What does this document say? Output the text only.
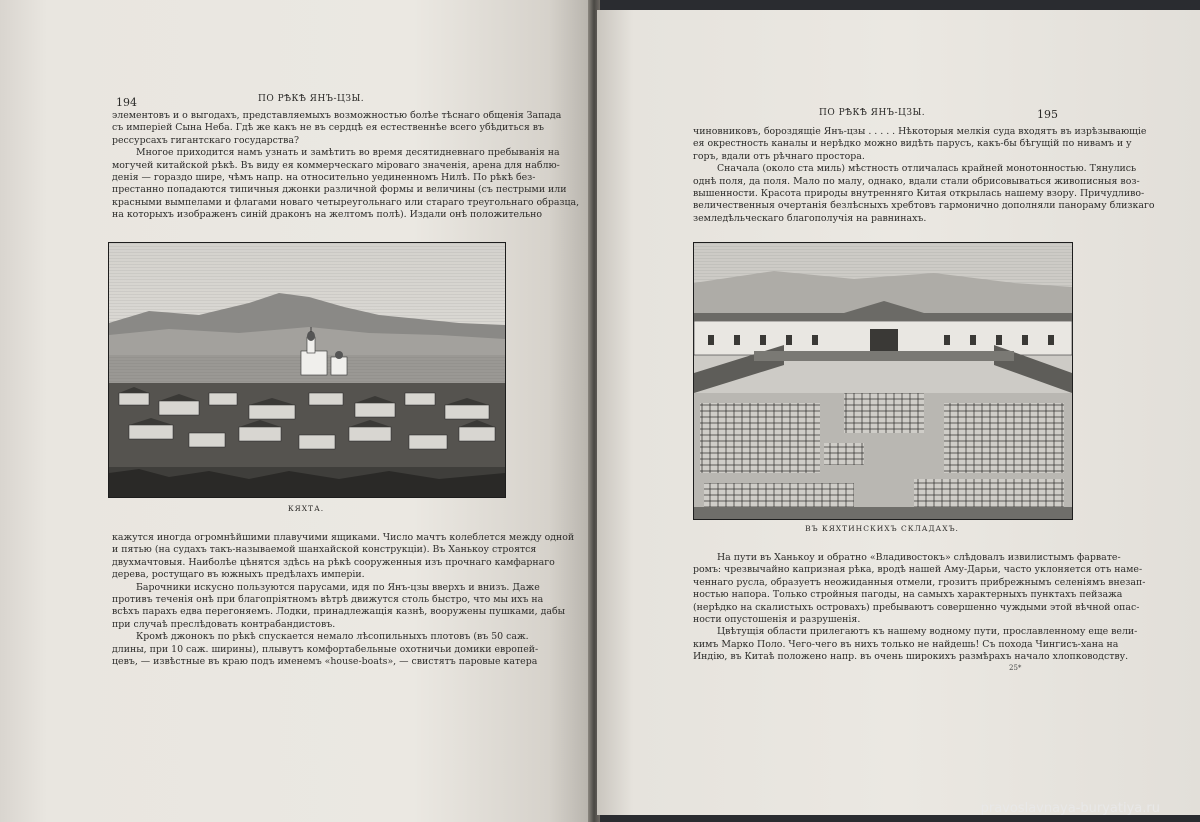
194	ПО РѢКѢ ЯНЪ-ЦЗЫ.

элементовъ и о выгодахъ, представляемыхъ возможностью болѣе тѣснаго общенія Запада

съ имперіей Сына Неба. Гдѣ же какъ не въ сердцѣ ея естественнѣе всего убѣдиться въ

рессурсахъ гигантскаго государства?

Многое приходится намъ узнать и замѣтить во время десятидневнаго пребыванія на

могучей китайской рѣкѣ. Въ виду ея коммерческаго міроваго значенія, арена для наблю-

денія — гораздо шире, чѣмъ напр. на относительно уединенномъ Нилѣ. По рѣкѣ без-

престанно попадаются типичныя джонки различной формы и величины (съ пестрыми или

красными вымпелами и флагами новаго четыреугольнаго или стараго треугольнаго образца,

на которыхъ изображенъ синій драконъ на желтомъ полѣ). Издали онѣ положительно

КЯХТА.

кажутся иногда огромнѣйшими плавучими ящиками. Число мачтъ колеблется между одной

и пятью (на судахъ такъ-называемой шанхайской конструкціи). Въ Ханькоу строятся

двухмачтовыя. Наиболѣе цѣнятся здѣсь на рѣкѣ сооруженныя изъ прочнаго камфарнаго

дерева, ростущаго въ южныхъ предѣлахъ имперіи.

Барочники искусно пользуются парусами, идя по Янъ-цзы вверхъ и внизъ. Даже

противъ теченія онѣ при благопріятномъ вѣтрѣ движутся столь быстро, что мы ихъ на

всѣхъ парахъ едва перегоняемъ. Лодки, принадлежащія казнѣ, вооружены пушками, дабы

при случаѣ преслѣдовать контрабандистовъ.

Кромѣ джонокъ по рѣкѣ спускается немало лѣсопильныхъ плотовъ (въ 50 саж.

длины, при 10 саж. ширины), плывутъ комфортабельные охотничьи домики европей-

цевъ, — извѣстные въ краю подъ именемъ «house-boats», — свистятъ паровые катера

ПО РѢКѢ ЯНЪ-ЦЗЫ.	195

чиновниковъ, бороздящіе Янъ-цзы . . . . . Нѣкоторыя мелкія суда входятъ въ изрѣзывающіе

ея окрестность каналы и нерѣдко можно видѣть парусъ, какъ-бы бѣгущій по нивамъ и у

горъ, вдали отъ рѣчнаго простора.

Сначала (около ста миль) мѣстность отличалась крайней монотонностью. Тянулись

однѣ поля, да поля. Мало по малу, однако, вдали стали обрисовываться живописныя воз-

вышенности. Красота природы внутренняго Китая открылась нашему взору. Причудливо-

величественныя очертанія безлѣсныхъ хребтовъ гармонично дополняли панораму близкаго

земледѣльческаго благополучія на равнинахъ.

ВЪ КЯХТИНСКИХЪ СКЛАДАХЪ.

На пути въ Ханькоу и обратно «Владивостокъ» слѣдовалъ извилистымъ фарвате-

ромъ: чрезвычайно капризная рѣка, вродѣ нашей Аму-Дарьи, часто уклоняется отъ наме-

ченнаго русла, образуетъ неожиданныя отмели, грозитъ прибрежнымъ селеніямъ внезап-

ностью напора. Только стройныя пагоды, на самыхъ характерныхъ пунктахъ пейзажа

(нерѣдко на скалистыхъ островахъ) пребываютъ совершенно чуждыми этой вѣчной опас-

ности опустошенія и разрушенія.

Цвѣтущія области прилегаютъ къ нашему водному пути, прославленному еще вели-

кимъ Марко Поло. Чего-чего въ нихъ только не найдешь! Съ похода Чингисъ-хана на

Индію, въ Китаѣ положено напр. въ очень широкихъ размѣрахъ начало хлопководству.

25*
pravoslavnaya-buryatiya.ru
